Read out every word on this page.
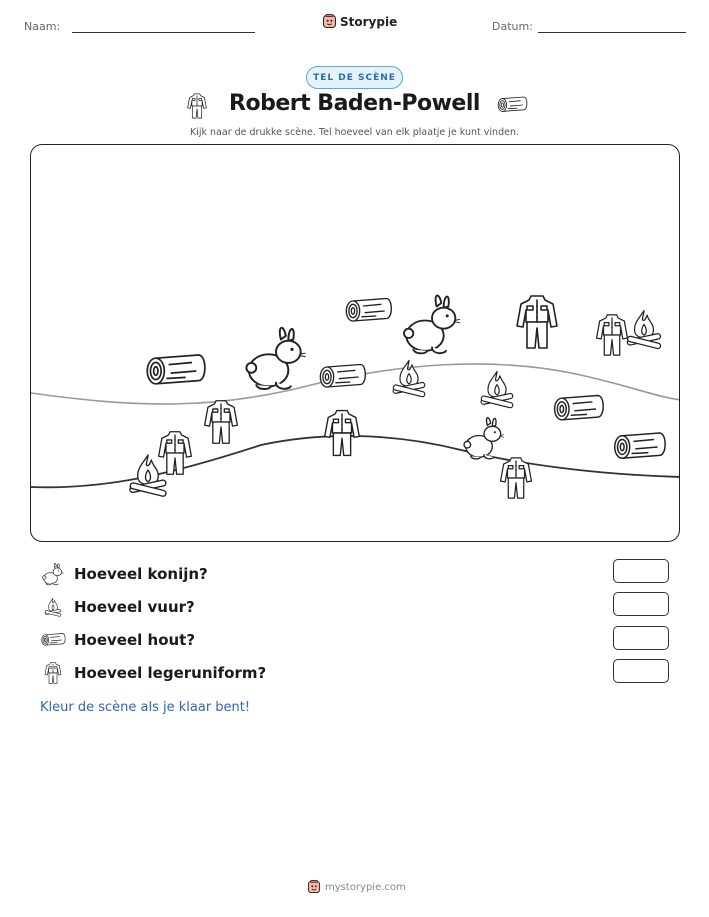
Naam:	Storypie	Datum:
TEL DE SCÈNE
Robert Baden-Powell
Kijk naar de drukke scène. Tel hoeveel van elk plaatje je kunt vinden.
Hoeveel konijn?
Hoeveel vuur?
Hoeveel hout?
Hoeveel legeruniform?
Kleur de scène als je klaar bent!
mystorypie.com
